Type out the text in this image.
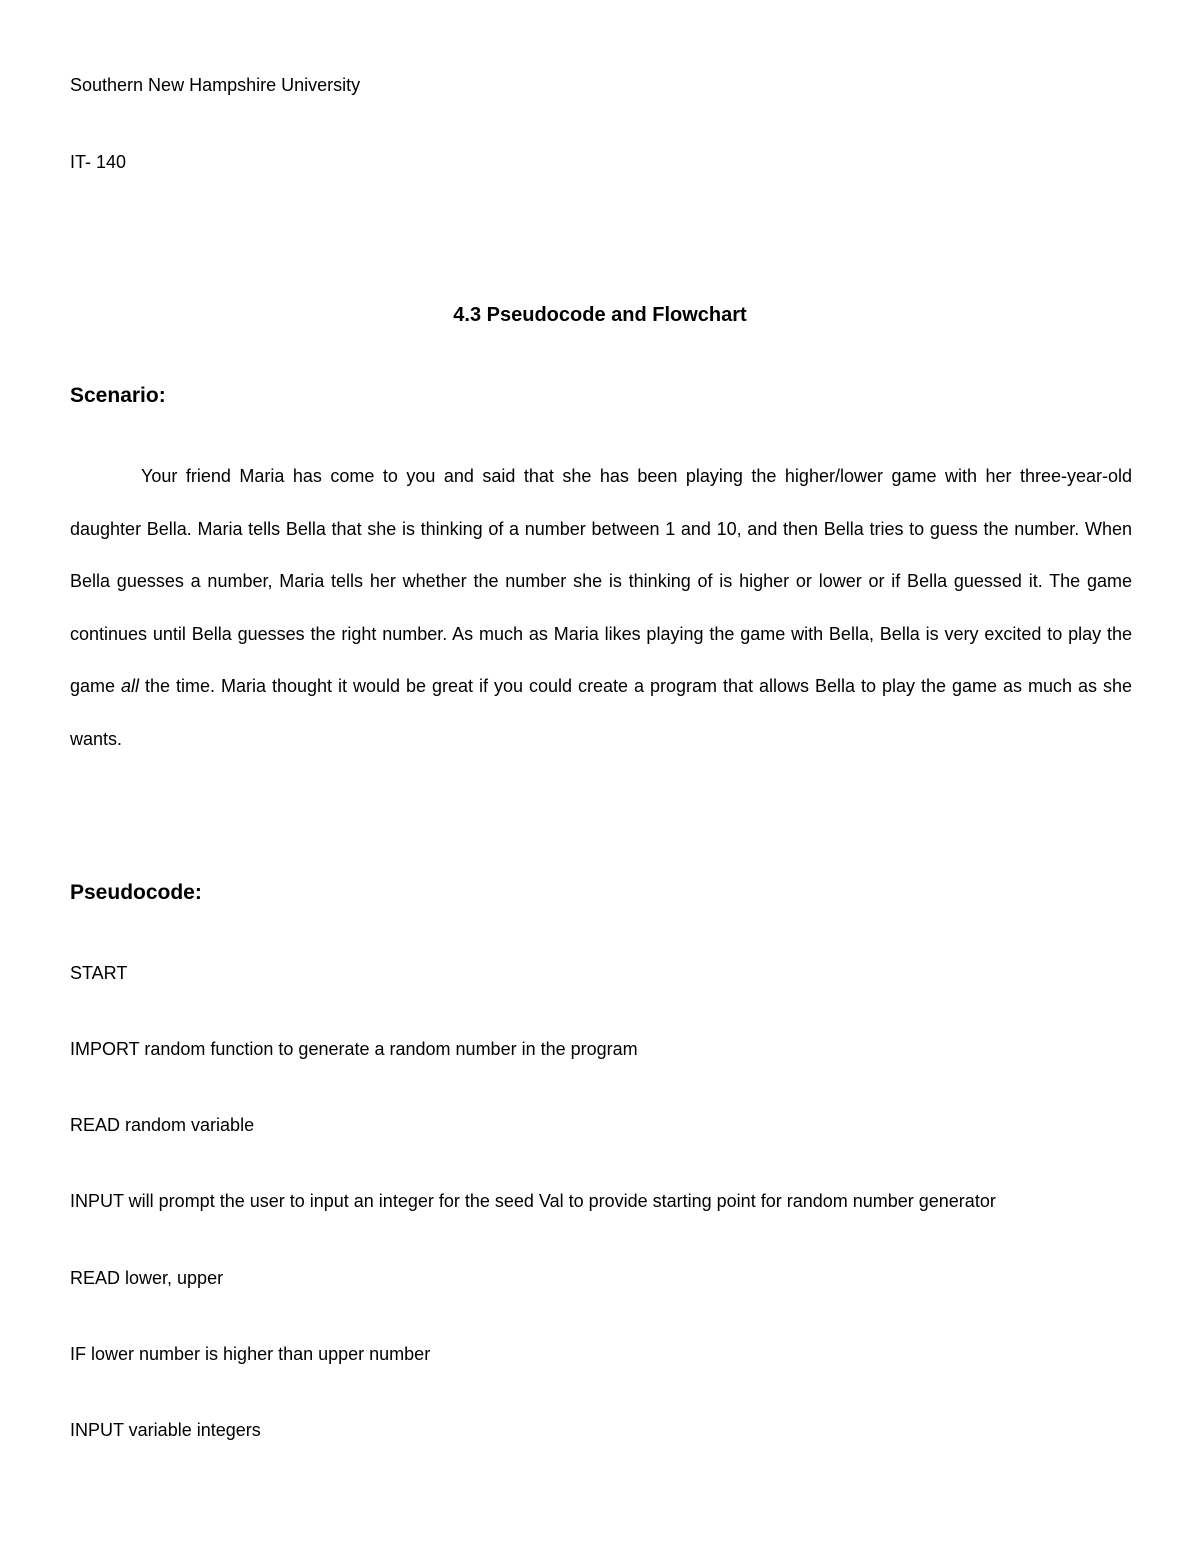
Southern New Hampshire University
IT- 140
4.3 Pseudocode and Flowchart
Scenario:
Your friend Maria has come to you and said that she has been playing the higher/lower game with her three-year-old daughter Bella. Maria tells Bella that she is thinking of a number between 1 and 10, and then Bella tries to guess the number. When Bella guesses a number, Maria tells her whether the number she is thinking of is higher or lower or if Bella guessed it. The game continues until Bella guesses the right number. As much as Maria likes playing the game with Bella, Bella is very excited to play the game all the time. Maria thought it would be great if you could create a program that allows Bella to play the game as much as she wants.
Pseudocode:
START
IMPORT random function to generate a random number in the program
READ random variable
INPUT will prompt the user to input an integer for the seed Val to provide starting point for random number generator
READ lower, upper
IF lower number is higher than upper number
INPUT variable integers
